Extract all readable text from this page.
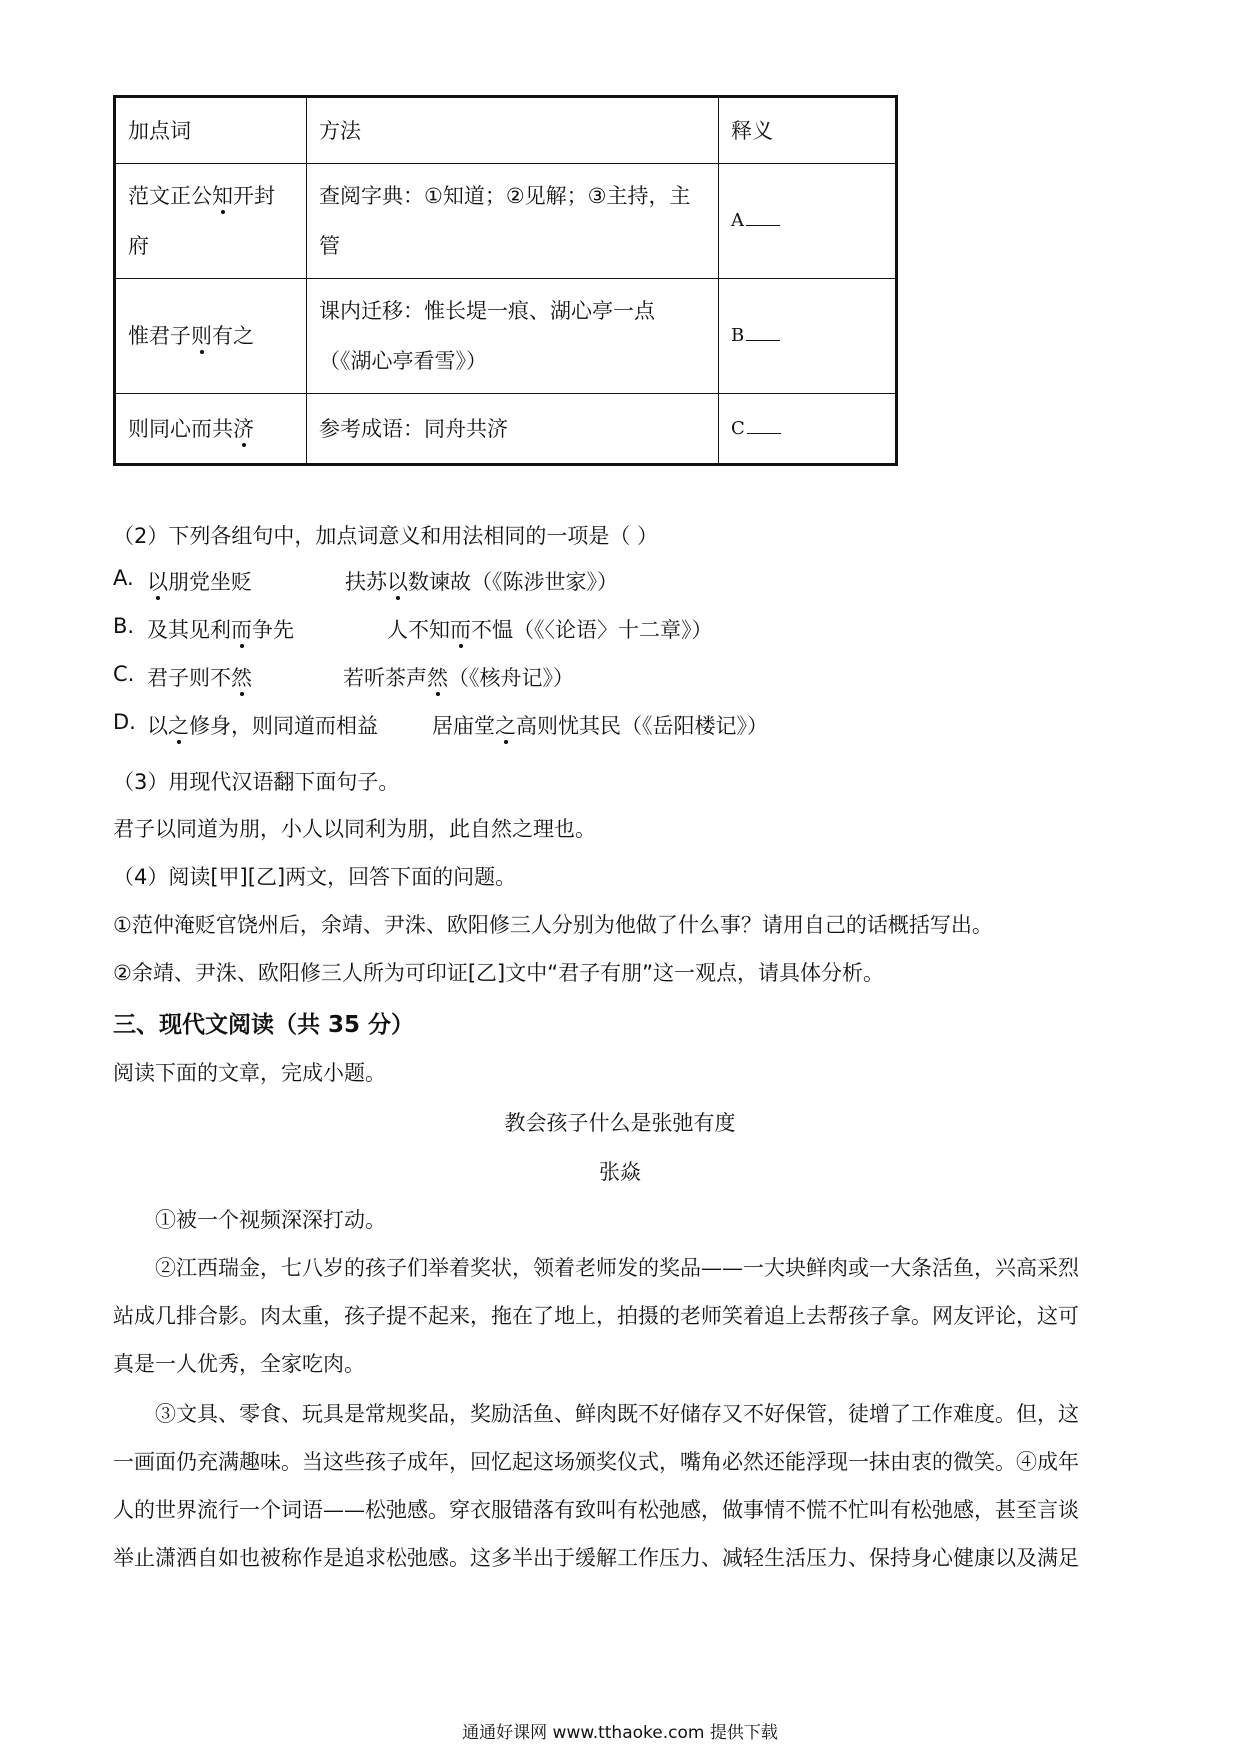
加点词	方法	释义
范文正公知开封府	查阅字典：①知道；②见解；③主持，主管	A
惟君子则有之	课内迁移：惟长堤一痕、湖心亭一点（《湖心亭看雪》）	B
则同心而共济	参考成语：同舟共济	C
（2）下列各组句中，加点词意义和用法相同的一项是（ ）
A. 以朋党坐贬	扶苏以数谏故（《陈涉世家》）
B. 及其见利而争先	人不知而不愠（《〈论语〉十二章》）
C. 君子则不然	若听茶声然（《核舟记》）
D. 以之修身，则同道而相益	居庙堂之高则忧其民（《岳阳楼记》）
（3）用现代汉语翻下面句子。
君子以同道为朋，小人以同利为朋，此自然之理也。
（4）阅读[甲][乙]两文，回答下面的问题。
①范仲淹贬官饶州后，余靖、尹洙、欧阳修三人分别为他做了什么事？请用自己的话概括写出。
②余靖、尹洙、欧阳修三人所为可印证[乙]文中“君子有朋”这一观点，请具体分析。
三、现代文阅读（共 35 分）
阅读下面的文章，完成小题。
教会孩子什么是张弛有度
张焱
①被一个视频深深打动。
②江西瑞金，七八岁的孩子们举着奖状，领着老师发的奖品——一大块鲜肉或一大条活鱼，兴高采烈
站成几排合影。肉太重，孩子提不起来，拖在了地上，拍摄的老师笑着追上去帮孩子拿。网友评论，这可
真是一人优秀，全家吃肉。
③文具、零食、玩具是常规奖品，奖励活鱼、鲜肉既不好储存又不好保管，徒增了工作难度。但，这
一画面仍充满趣味。当这些孩子成年，回忆起这场颁奖仪式，嘴角必然还能浮现一抹由衷的微笑。④成年
人的世界流行一个词语——松弛感。穿衣服错落有致叫有松弛感，做事情不慌不忙叫有松弛感，甚至言谈
举止潇洒自如也被称作是追求松弛感。这多半出于缓解工作压力、减轻生活压力、保持身心健康以及满足
通通好课网 www.tthaoke.com 提供下载
